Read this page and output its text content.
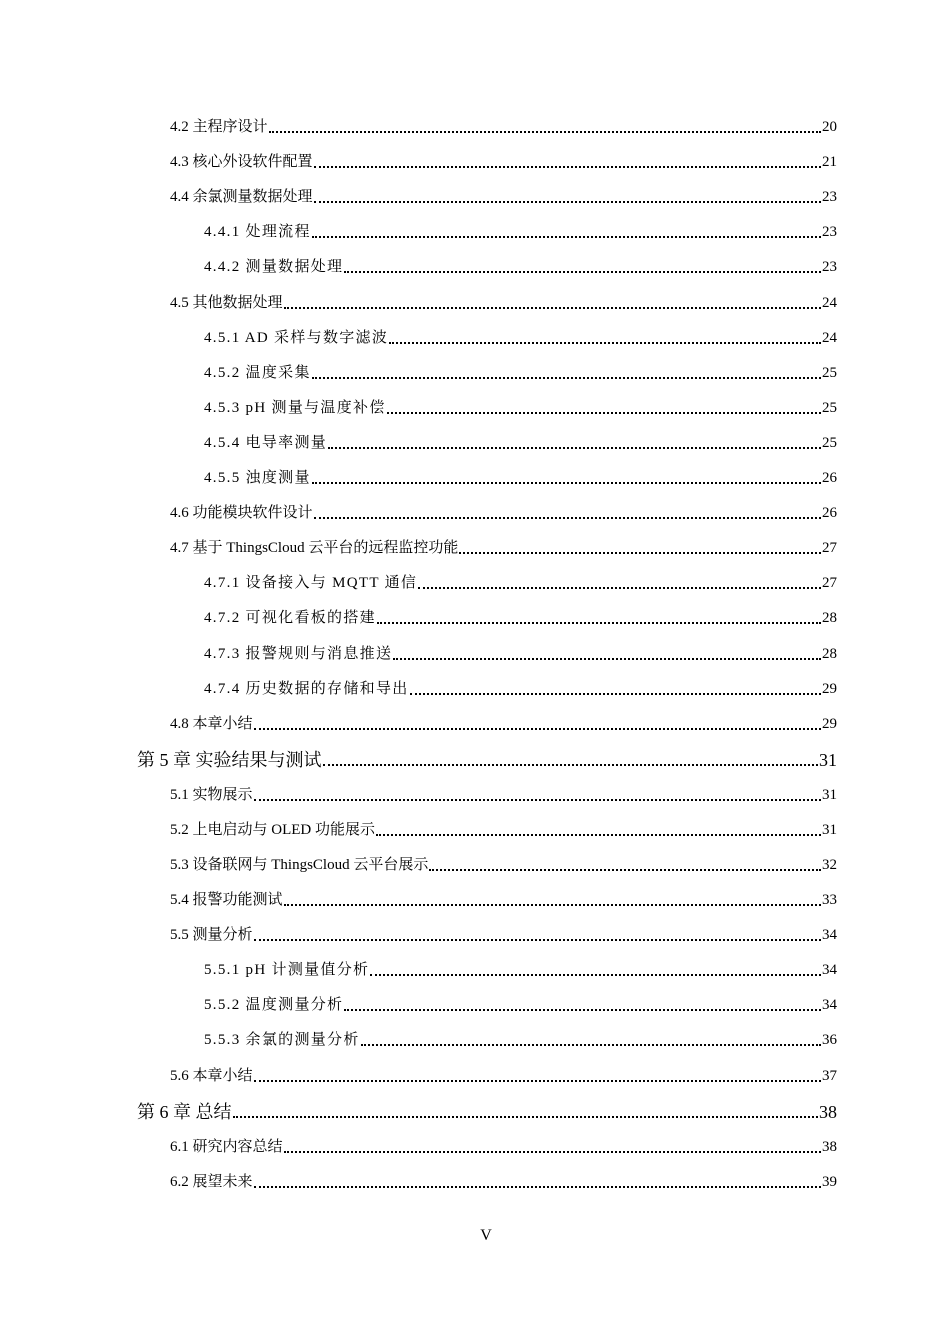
4.2 主程序设计	20
4.3 核心外设软件配置	21
4.4 余氯测量数据处理	23
4.4.1 处理流程	23
4.4.2 测量数据处理	23
4.5 其他数据处理	24
4.5.1 AD 采样与数字滤波	24
4.5.2 温度采集	25
4.5.3 pH 测量与温度补偿	25
4.5.4 电导率测量	25
4.5.5 浊度测量	26
4.6 功能模块软件设计	26
4.7 基于 ThingsCloud 云平台的远程监控功能	27
4.7.1 设备接入与 MQTT 通信	27
4.7.2 可视化看板的搭建	28
4.7.3 报警规则与消息推送	28
4.7.4 历史数据的存储和导出	29
4.8 本章小结	29
第 5 章 实验结果与测试	31
5.1 实物展示	31
5.2 上电启动与 OLED 功能展示	31
5.3 设备联网与 ThingsCloud 云平台展示	32
5.4 报警功能测试	33
5.5 测量分析	34
5.5.1 pH 计测量值分析	34
5.5.2 温度测量分析	34
5.5.3 余氯的测量分析	36
5.6 本章小结	37
第 6 章 总结	38
6.1 研究内容总结	38
6.2 展望未来	39
V
